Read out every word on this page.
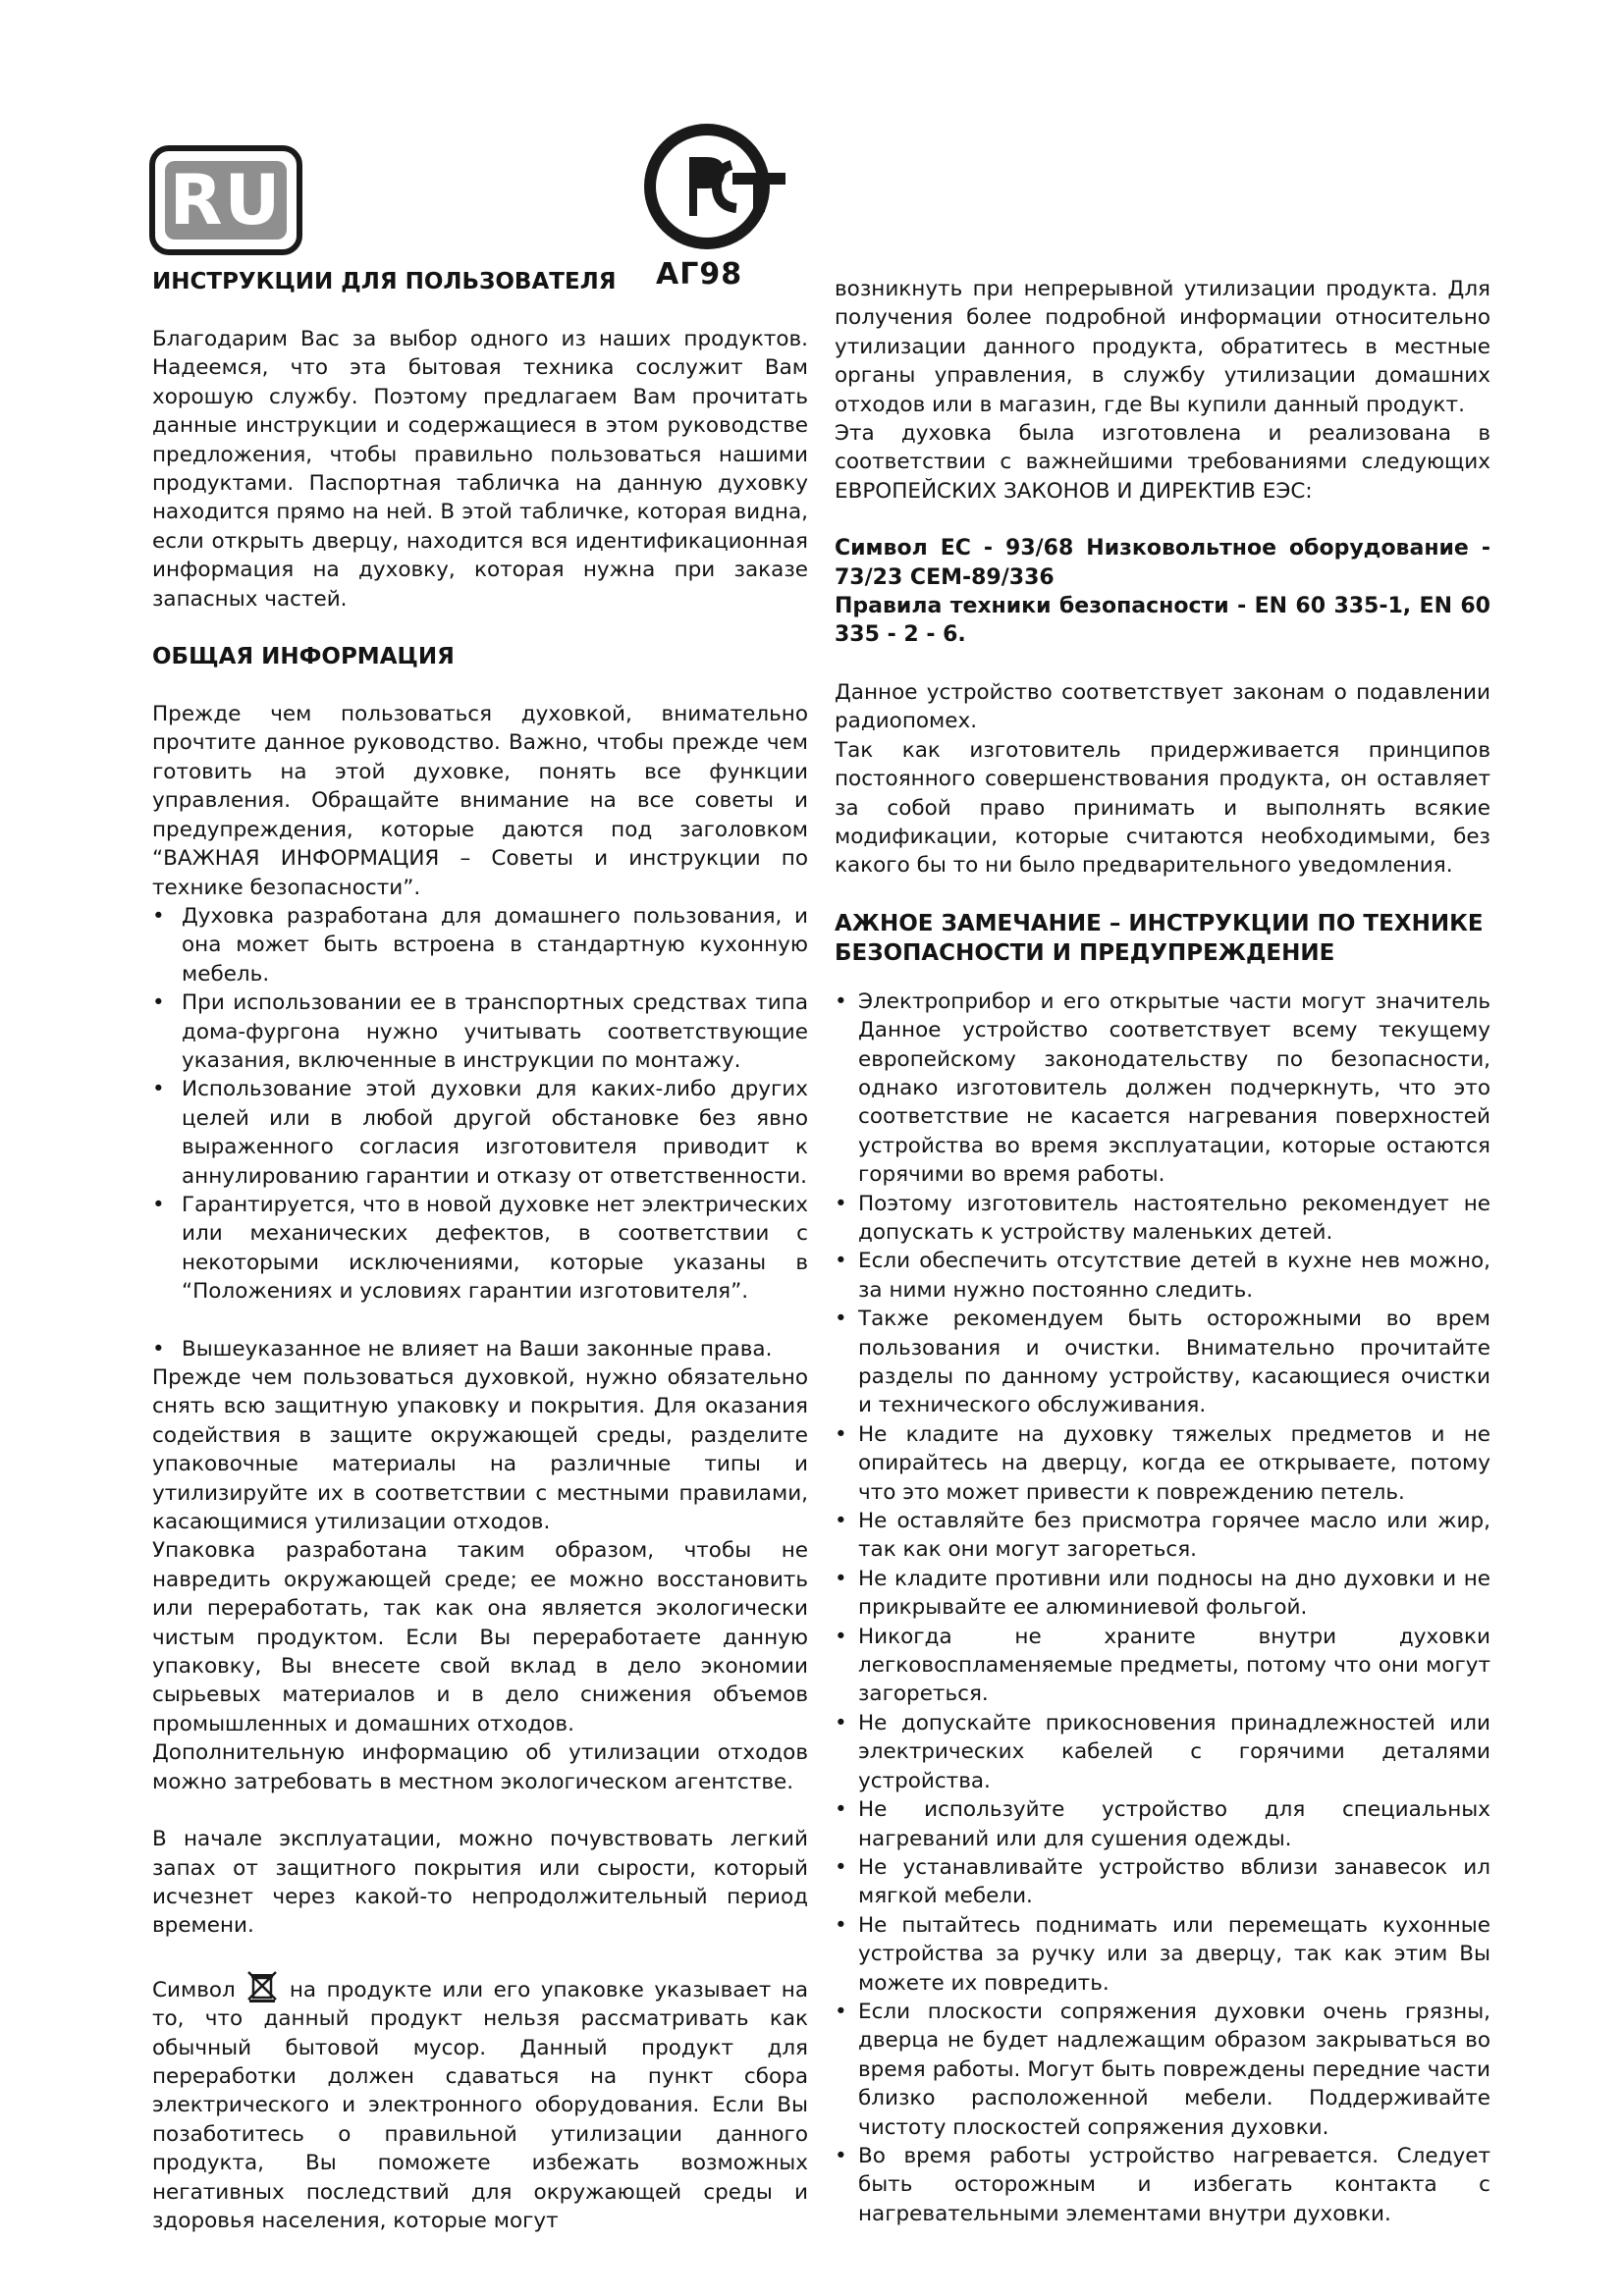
RU
АГ98

ИНСТРУКЦИИ ДЛЯ ПОЛЬЗОВАТЕЛЯ

Благодарим Вас за выбор одного из наших продуктов. Надеемся, что эта бытовая техника сослужит Вам хорошую службу. Поэтому предлагаем Вам прочитать данные инструкции и содержащиеся в этом руководстве предложения, чтобы правильно пользоваться нашими продуктами. Паспортная табличка на данную духовку находится прямо на ней. В этой табличке, которая видна, если открыть дверцу, находится вся идентификационная информация на духовку, которая нужна при заказе запасных частей.

ОБЩАЯ ИНФОРМАЦИЯ

Прежде чем пользоваться духовкой, внимательно прочтите данное руководство. Важно, чтобы прежде чем готовить на этой духовке, понять все функции управления. Обращайте внимание на все советы и предупреждения, которые даются под заголовком “ВАЖНАЯ ИНФОРМАЦИЯ – Советы и инструкции по технике безопасности”.

• Духовка разработана для домашнего пользования, и она может быть встроена в стандартную кухонную мебель.
• При использовании ее в транспортных средствах типа дома-фургона нужно учитывать соответствующие указания, включенные в инструкции по монтажу.
• Использование этой духовки для каких-либо других целей или в любой другой обстановке без явно выраженного согласия изготовителя приводит к аннулированию гарантии и отказу от ответственности.
• Гарантируется, что в новой духовке нет электрических или механических дефектов, в соответствии с некоторыми исключениями, которые указаны в “Положениях и условиях гарантии изготовителя”.
• Вышеуказанное не влияет на Ваши законные права.

Прежде чем пользоваться духовкой, нужно обязательно снять всю защитную упаковку и покрытия. Для оказания содействия в защите окружающей среды, разделите упаковочные материалы на различные типы и утилизируйте их в соответствии с местными правилами, касающимися утилизации отходов.

Упаковка разработана таким образом, чтобы не навредить окружающей среде; ее можно восстановить или переработать, так как она является экологически чистым продуктом. Если Вы переработаете данную упаковку, Вы внесете свой вклад в дело экономии сырьевых материалов и в дело снижения объемов промышленных и домашних отходов.

Дополнительную информацию об утилизации отходов можно затребовать в местном экологическом агентстве.

В начале эксплуатации, можно почувствовать легкий запах от защитного покрытия или сырости, который исчезнет через какой-то непродолжительный период времени.

Символ	на продукте или его упаковке указывает на то, что данный продукт нельзя рассматривать как обычный бытовой мусор. Данный продукт для переработки должен сдаваться на пункт сбора электрического и электронного оборудования. Если Вы позаботитесь о правильной утилизации данного продукта, Вы поможете избежать возможных негативных последствий для окружающей среды и здоровья населения, которые могут

возникнуть при непрерывной утилизации продукта. Для получения более подробной информации относительно утилизации данного продукта, обратитесь в местные органы управления, в службу утилизации домашних отходов или в магазин, где Вы купили данный продукт.

Эта духовка была изготовлена и реализована в соответствии с важнейшими требованиями следующих ЕВРОПЕЙСКИХ ЗАКОНОВ И ДИРЕКТИВ ЕЭС:

Символ ЕС - 93/68 Низковольтное оборудование - 73/23 CEM-89/336

Правила техники безопасности - EN 60 335-1, EN 60 335 - 2 - 6.

Данное устройство соответствует законам о подавлении радиопомех.

Так как изготовитель придерживается принципов постоянного совершенствования продукта, он оставляет за собой право принимать и выполнять всякие модификации, которые считаются необходимыми, без какого бы то ни было предварительного уведомления.

АЖНОЕ ЗАМЕЧАНИЕ – ИНСТРУКЦИИ ПО ТЕХНИКЕ БЕЗОПАСНОСТИ И ПРЕДУПРЕЖДЕНИЕ

• Электроприбор и его открытые части могут значитель Данное устройство соответствует всему текущему европейскому законодательству по безопасности, однако изготовитель должен подчеркнуть, что это соответствие не касается нагревания поверхностей устройства во время эксплуатации, которые остаются горячими во время работы.
• Поэтому изготовитель настоятельно рекомендует не допускать к устройству маленьких детей.
• Если обеспечить отсутствие детей в кухне нев можно, за ними нужно постоянно следить.
• Также рекомендуем быть осторожными во врем пользования и очистки. Внимательно прочитайте разделы по данному устройству, касающиеся очистки и технического обслуживания.
• Не кладите на духовку тяжелых предметов и не опирайтесь на дверцу, когда ее открываете, потому что это может привести к повреждению петель.
• Не оставляйте без присмотра горячее масло или жир, так как они могут загореться.
• Не кладите противни или подносы на дно духовки и не прикрывайте ее алюминиевой фольгой.
• Никогда не храните внутри духовки легковоспламеняемые предметы, потому что они могут загореться.
• Не допускайте прикосновения принадлежностей или электрических кабелей с горячими деталями устройства.
• Не используйте устройство для специальных нагреваний или для сушения одежды.
• Не устанавливайте устройство вблизи занавесок ил мягкой мебели.
• Не пытайтесь поднимать или перемещать кухонные устройства за ручку или за дверцу, так как этим Вы можете их повредить.
• Если плоскости сопряжения духовки очень грязны, дверца не будет надлежащим образом закрываться во время работы. Могут быть повреждены передние части близко расположенной мебели. Поддерживайте чистоту плоскостей сопряжения духовки.
• Во время работы устройство нагревается. Следует быть осторожным и избегать контакта с нагревательными элементами внутри духовки.
